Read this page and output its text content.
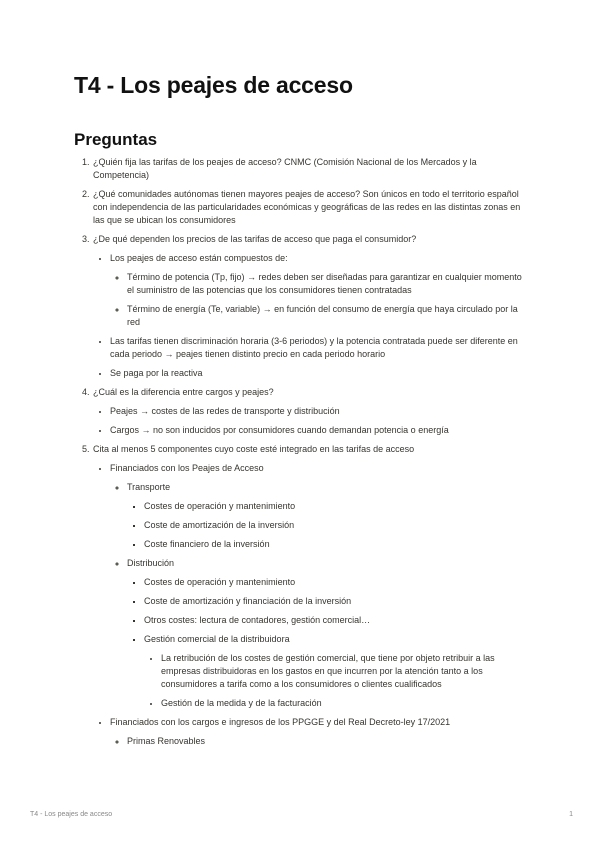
T4 - Los peajes de acceso
Preguntas
1. ¿Quién fija las tarifas de los peajes de acceso? CNMC (Comisión Nacional de los Mercados y la Competencia)
2. ¿Qué comunidades autónomas tienen mayores peajes de acceso? Son únicos en todo el territorio español con independencia de las particularidades económicas y geográficas de las redes en las distintas zonas en las que se ubican los consumidores
3. ¿De qué dependen los precios de las tarifas de acceso que paga el consumidor?
• Los peajes de acceso están compuestos de:
◦ Término de potencia (Tp, fijo) → redes deben ser diseñadas para garantizar en cualquier momento el suministro de las potencias que los consumidores tienen contratadas
◦ Término de energía (Te, variable) → en función del consumo de energía que haya circulado por la red
• Las tarifas tienen discriminación horaria (3-6 periodos) y la potencia contratada puede ser diferente en cada periodo → peajes tienen distinto precio en cada periodo horario
• Se paga por la reactiva
4. ¿Cuál es la diferencia entre cargos y peajes?
• Peajes → costes de las redes de transporte y distribución
• Cargos → no son inducidos por consumidores cuando demandan potencia o energía
5. Cita al menos 5 componentes cuyo coste esté integrado en las tarifas de acceso
• Financiados con los Peajes de Acceso
◦ Transporte
▪ Costes de operación y mantenimiento
▪ Coste de amortización de la inversión
▪ Coste financiero de la inversión
◦ Distribución
▪ Costes de operación y mantenimiento
▪ Coste de amortización y financiación de la inversión
▪ Otros costes: lectura de contadores, gestión comercial…
▪ Gestión comercial de la distribuidora
• La retribución de los costes de gestión comercial, que tiene por objeto retribuir a las empresas distribuidoras en los gastos en que incurren por la atención tanto a los consumidores a tarifa como a los consumidores o clientes cualificados
• Gestión de la medida y de la facturación
• Financiados con los cargos e ingresos de los PPGGE y del Real Decreto-ley 17/2021
◦ Primas Renovables
T4 - Los peajes de acceso	1
